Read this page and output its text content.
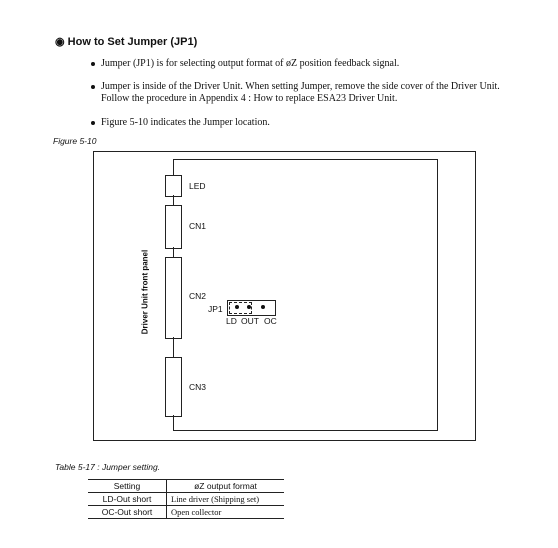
◉ How to Set Jumper (JP1)
Jumper (JP1) is for selecting output format of øZ position feedback signal.
Jumper is inside of the Driver Unit. When setting Jumper, remove the side cover of the Driver Unit.
Follow the procedure in Appendix 4 : How to replace ESA23 Driver Unit.
Figure 5-10 indicates the Jumper location.
Figure 5-10
LED
CN1
CN2
CN3
Driver Unit front panel	JP1
LD OUT OC
Table 5-17 : Jumper setting.
Setting	øZ output format
LD-Out short	Line driver (Shipping set)
OC-Out short	Open collector
